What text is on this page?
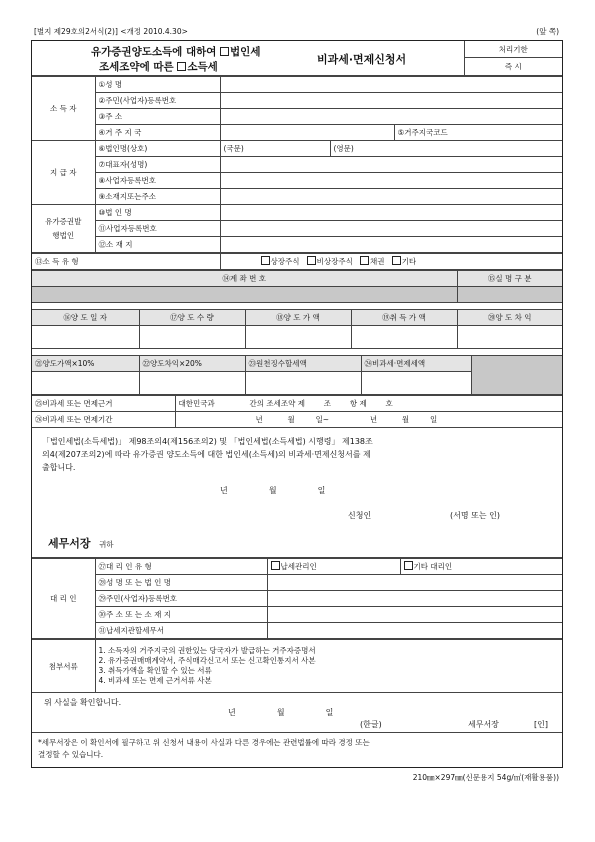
[별지 제29호의2서식(2)] <개정 2010.4.30>	(앞 쪽)
유가증권양도소득에 대하여 법인세
조세조약에 따른 소득세
비과세·면제신청서
	처리기한
즉 시
소 득 자	①성 명			
	②주민(사업자)등록번호			
	③주 소			
	④거 주 지 국			⑤거주지국코드
지 급 자	⑥법인명(상호)	(국문)	(영문)	
	⑦대표자(성명)			
	⑧사업자등록번호			
	⑨소재지또는주소			

유가증권발
행법인	⑩법 인 명			
	⑪사업자등록번호			
	⑫소 재 지			
⑬소 득 유 형	상장주식 비상장주식 채권 기타
⑭계 좌 번 호	⑮실 명 구 분

⑯양 도 일 자	⑰양 도 수 량	⑱양 도 가 액	⑲취 득 가 액	⑳양 도 차 익

㉑양도가액×10%	㉒양도차익×20%	㉓원천징수할세액	㉔비과세·면제세액	

㉕비과세 또는 면제근거	대한민국과 간의 조세조약 제 조 항 제 호
㉖비과세 또는 면제기간	년 월 일~ 년 월 일
「법인세법(소득세법)」 제98조의4(제156조의2) 및 「법인세법(소득세법) 시행령」 제138조
의4(제207조의2)에 따라 유가증권 양도소득에 대한 법인세(소득세)의 비과세·면제신청서를 제
출합니다.
년	월	일
신청인	(서명 또는 인)
세무서장 귀하
대 리 인	㉗대 리 인 유 형	납세관리인	기타 대리인
	㉘성 명 또 는 법 인 명		
	㉙주민(사업자)등록번호		
	㉚주 소 또 는 소 재 지		
	㉛납세지관할세무서		
첨부서류	
1. 소득자의 거주지국의 권한있는 당국자가 발급하는 거주자증명서
2. 유가증권매매계약서, 주식매각신고서 또는 신고확인통지서 사본
3. 취득가액을 확인할 수 있는 서류
4. 비과세 또는 면제 근거서류 사본
위 사실을 확인합니다.
년	월	일
(한글)	세무서장	[인]
*세무서장은 이 확인서에 필구하고 위 신청서 내용이 사실과 다른 경우에는 관련법률에 따라 경정 또는
결정할 수 있습니다.
210㎜×297㎜(신문용지 54g/㎡(재활용품))
